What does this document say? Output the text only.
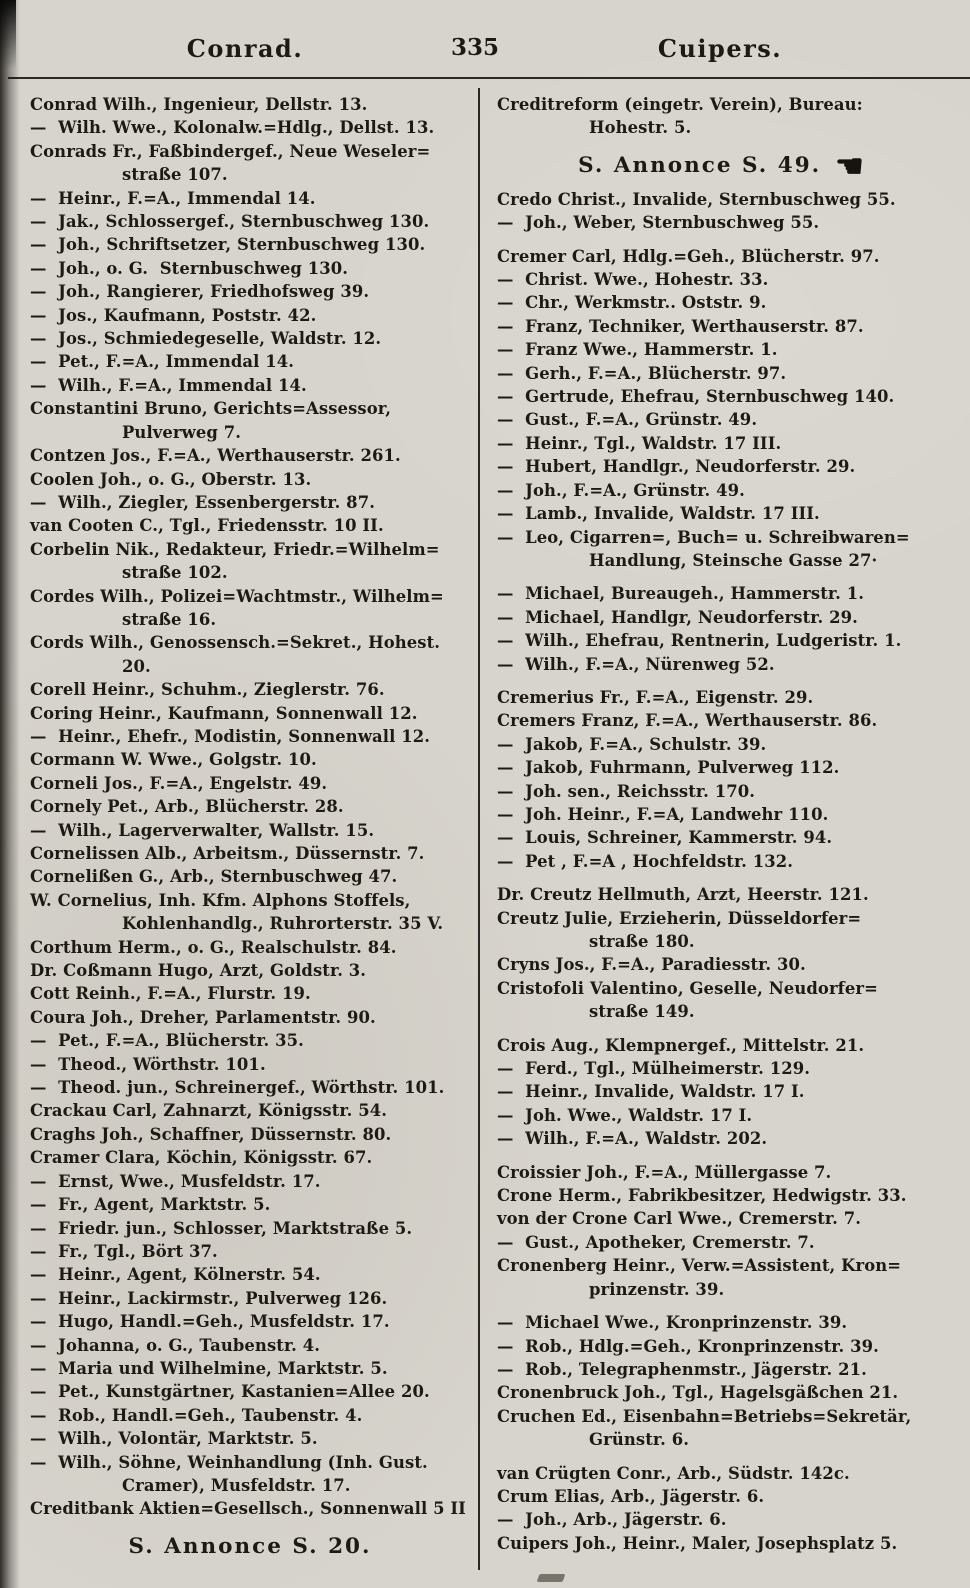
Conrad.	335	Cuipers.
Conrad Wilh., Ingenieur, Dellstr. 13.
—  Wilh. Wwe., Kolonalw.=Hdlg., Dellst. 13.
Conrads Fr., Faßbindergef., Neue Weseler=
straße 107.
—  Heinr., F.=A., Immendal 14.
—  Jak., Schlossergef., Sternbuschweg 130.
—  Joh., Schriftsetzer, Sternbuschweg 130.
—  Joh., o. G.  Sternbuschweg 130.
—  Joh., Rangierer, Friedhofsweg 39.
—  Jos., Kaufmann, Poststr. 42.
—  Jos., Schmiedegeselle, Waldstr. 12.
—  Pet., F.=A., Immendal 14.
—  Wilh., F.=A., Immendal 14.
Constantini Bruno, Gerichts=Assessor,
Pulverweg 7.
Contzen Jos., F.=A., Werthauserstr. 261.
Coolen Joh., o. G., Oberstr. 13.
—  Wilh., Ziegler, Essenbergerstr. 87.
van Cooten C., Tgl., Friedensstr. 10 II.
Corbelin Nik., Redakteur, Friedr.=Wilhelm=
straße 102.
Cordes Wilh., Polizei=Wachtmstr., Wilhelm=
straße 16.
Cords Wilh., Genossensch.=Sekret., Hohest. 20.
Corell Heinr., Schuhm., Zieglerstr. 76.
Coring Heinr., Kaufmann, Sonnenwall 12.
—  Heinr., Ehefr., Modistin, Sonnenwall 12.
Cormann W. Wwe., Golgstr. 10.
Corneli Jos., F.=A., Engelstr. 49.
Cornely Pet., Arb., Blücherstr. 28.
—  Wilh., Lagerverwalter, Wallstr. 15.
Cornelissen Alb., Arbeitsm., Düssernstr. 7.
Cornelißen G., Arb., Sternbuschweg 47.
W. Cornelius, Inh. Kfm. Alphons Stoffels,
Kohlenhandlg., Ruhrorterstr. 35 V.
Corthum Herm., o. G., Realschulstr. 84.
Dr. Coßmann Hugo, Arzt, Goldstr. 3.
Cott Reinh., F.=A., Flurstr. 19.
Coura Joh., Dreher, Parlamentstr. 90.
—  Pet., F.=A., Blücherstr. 35.
—  Theod., Wörthstr. 101.
—  Theod. jun., Schreinergef., Wörthstr. 101.
Crackau Carl, Zahnarzt, Königsstr. 54.
Craghs Joh., Schaffner, Düssernstr. 80.
Cramer Clara, Köchin, Königsstr. 67.
—  Ernst, Wwe., Musfeldstr. 17.
—  Fr., Agent, Marktstr. 5.
—  Friedr. jun., Schlosser, Marktstraße 5.
—  Fr., Tgl., Bört 37.
—  Heinr., Agent, Kölnerstr. 54.
—  Heinr., Lackirmstr., Pulverweg 126.
—  Hugo, Handl.=Geh., Musfeldstr. 17.
—  Johanna, o. G., Taubenstr. 4.
—  Maria und Wilhelmine, Marktstr. 5.
—  Pet., Kunstgärtner, Kastanien=Allee 20.
—  Rob., Handl.=Geh., Taubenstr. 4.
—  Wilh., Volontär, Marktstr. 5.
—  Wilh., Söhne, Weinhandlung (Inh. Gust.
Cramer), Musfeldstr. 17.
Creditbank Aktien=Gesellsch., Sonnenwall 5 II
S. Annonce S. 20.
Creditreform (eingetr. Verein), Bureau:
Hohestr. 5.
S. Annonce S. 49. ☚
Credo Christ., Invalide, Sternbuschweg 55.
—  Joh., Weber, Sternbuschweg 55.
Cremer Carl, Hdlg.=Geh., Blücherstr. 97.
—  Christ. Wwe., Hohestr. 33.
—  Chr., Werkmstr.. Oststr. 9.
—  Franz, Techniker, Werthauserstr. 87.
—  Franz Wwe., Hammerstr. 1.
—  Gerh., F.=A., Blücherstr. 97.
—  Gertrude, Ehefrau, Sternbuschweg 140.
—  Gust., F.=A., Grünstr. 49.
—  Heinr., Tgl., Waldstr. 17 III.
—  Hubert, Handlgr., Neudorferstr. 29.
—  Joh., F.=A., Grünstr. 49.
—  Lamb., Invalide, Waldstr. 17 III.
—  Leo, Cigarren=, Buch= u. Schreibwaren=
Handlung, Steinsche Gasse 27·
—  Michael, Bureaugeh., Hammerstr. 1.
—  Michael, Handlgr, Neudorferstr. 29.
—  Wilh., Ehefrau, Rentnerin, Ludgeristr. 1.
—  Wilh., F.=A., Nürenweg 52.
Cremerius Fr., F.=A., Eigenstr. 29.
Cremers Franz, F.=A., Werthauserstr. 86.
—  Jakob, F.=A., Schulstr. 39.
—  Jakob, Fuhrmann, Pulverweg 112.
—  Joh. sen., Reichsstr. 170.
—  Joh. Heinr., F.=A, Landwehr 110.
—  Louis, Schreiner, Kammerstr. 94.
—  Pet , F.=A , Hochfeldstr. 132.
Dr. Creutz Hellmuth, Arzt, Heerstr. 121.
Creutz Julie, Erzieherin, Düsseldorfer=
straße 180.
Cryns Jos., F.=A., Paradiesstr. 30.
Cristofoli Valentino, Geselle, Neudorfer=
straße 149.
Crois Aug., Klempnergef., Mittelstr. 21.
—  Ferd., Tgl., Mülheimerstr. 129.
—  Heinr., Invalide, Waldstr. 17 I.
—  Joh. Wwe., Waldstr. 17 I.
—  Wilh., F.=A., Waldstr. 202.
Croissier Joh., F.=A., Müllergasse 7.
Crone Herm., Fabrikbesitzer, Hedwigstr. 33.
von der Crone Carl Wwe., Cremerstr. 7.
—  Gust., Apotheker, Cremerstr. 7.
Cronenberg Heinr., Verw.=Assistent, Kron=
prinzenstr. 39.
—  Michael Wwe., Kronprinzenstr. 39.
—  Rob., Hdlg.=Geh., Kronprinzenstr. 39.
—  Rob., Telegraphenmstr., Jägerstr. 21.
Cronenbruck Joh., Tgl., Hagelsgäßchen 21.
Cruchen Ed., Eisenbahn=Betriebs=Sekretär,
Grünstr. 6.
van Crügten Conr., Arb., Südstr. 142c.
Crum Elias, Arb., Jägerstr. 6.
—  Joh., Arb., Jägerstr. 6.
Cuipers Joh., Heinr., Maler, Josephsplatz 5.
